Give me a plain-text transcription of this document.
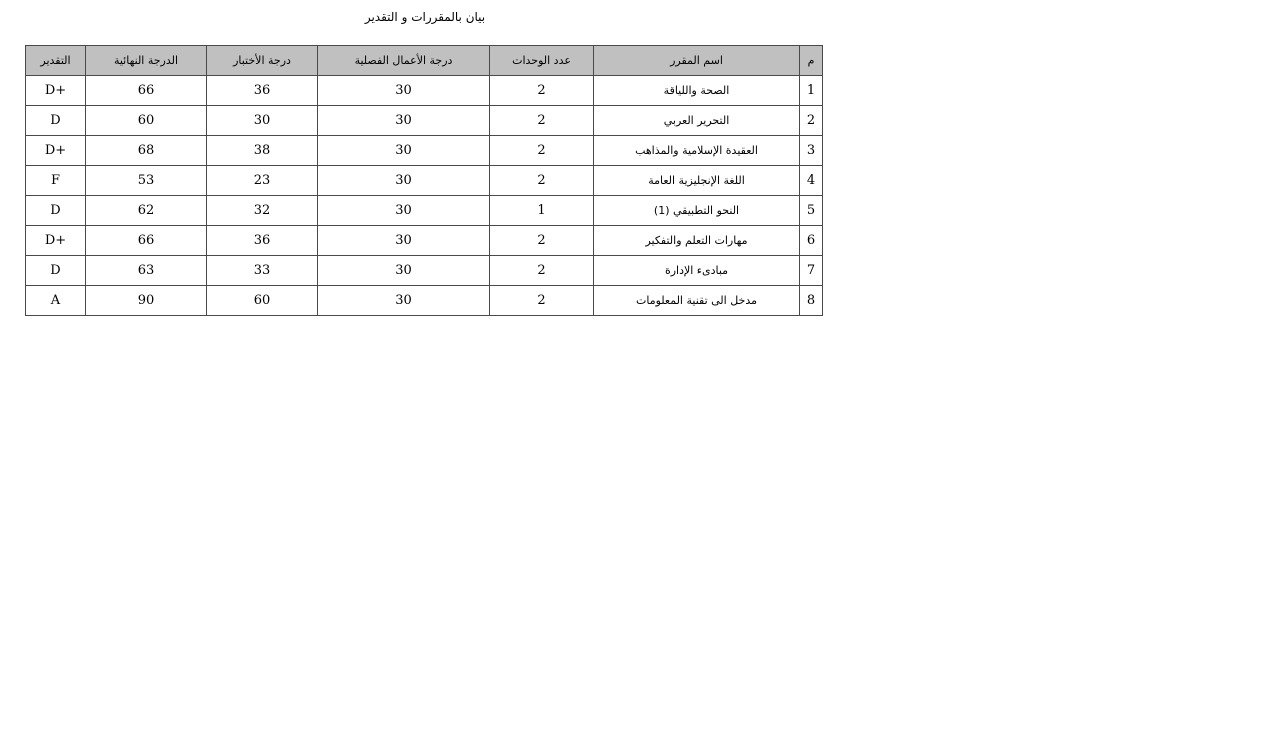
بيان بالمقررات و التقدير
م	اسم المقرر	عدد الوحدات	درجة الأعمال الفصلية	درجة الأختبار	الدرجة النهائية	التقدير
1	الصحة واللياقة	2	30	36	66	D+
2	التحرير العربي	2	30	30	60	D
3	العقيدة الإسلامية والمذاهب	2	30	38	68	D+
4	اللغة الإنجليزية العامة	2	30	23	53	F
5	النحو التطبيقي (1)	1	30	32	62	D
6	مهارات التعلم والتفكير	2	30	36	66	D+
7	مبادىء الإدارة	2	30	33	63	D
8	مدخل الى تقنية المعلومات	2	30	60	90	A
